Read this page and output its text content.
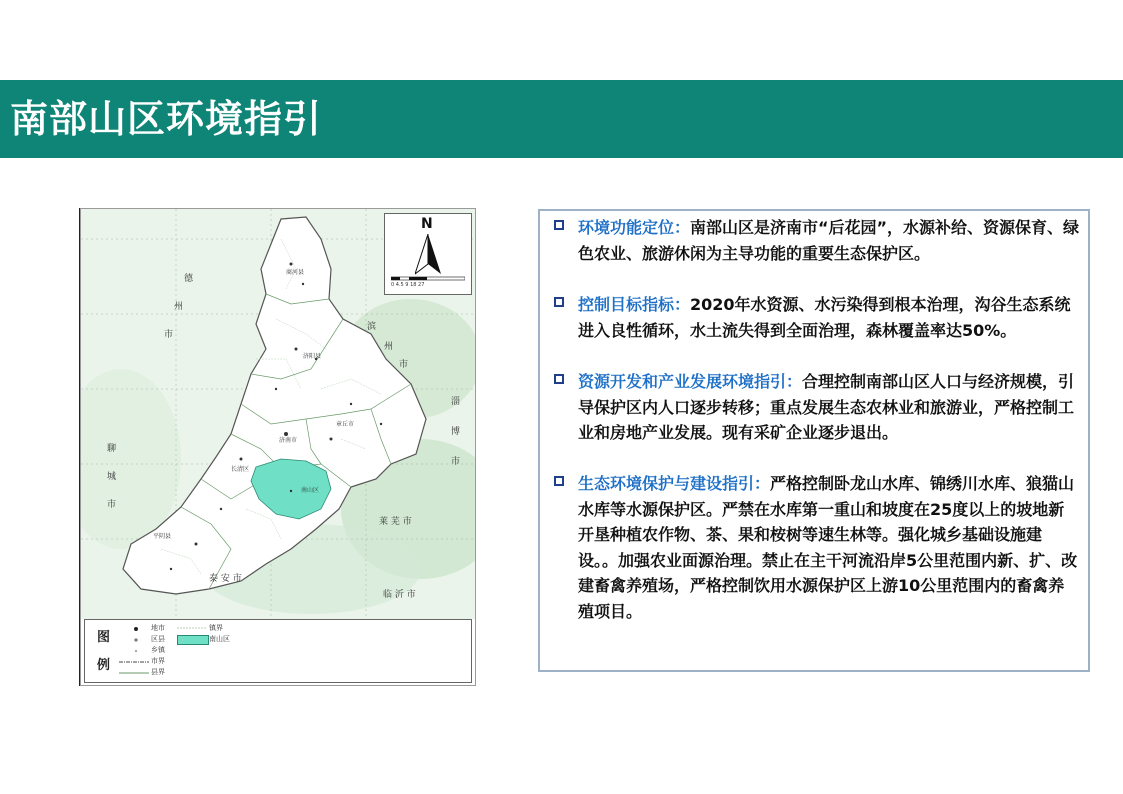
南部山区环境指引
德
州
市
滨
州
市
淄
博
市
聊
城
市
莱 芜 市
泰 安 市
临 沂 市
商河县
济阳县
章丘市
济南市
长清区
平阴县
南山区
N
0 4.5 9 18 27
图
例
地市
区县
乡镇
市界
县界
镇界
南山区
环境功能定位：南部山区是济南市“后花园”，水源补给、资源保育、绿色农业、旅游休闲为主导功能的重要生态保护区。
控制目标指标：2020年水资源、水污染得到根本治理，沟谷生态系统进入良性循环，水土流失得到全面治理，森林覆盖率达50%。
资源开发和产业发展环境指引：合理控制南部山区人口与经济规模，引导保护区内人口逐步转移；重点发展生态农林业和旅游业，严格控制工业和房地产业发展。现有采矿企业逐步退出。
生态环境保护与建设指引：严格控制卧龙山水库、锦绣川水库、狼猫山水库等水源保护区。严禁在水库第一重山和坡度在25度以上的坡地新开垦种植农作物、茶、果和桉树等速生林等。强化城乡基础设施建设。。加强农业面源治理。禁止在主干河流沿岸5公里范围内新、扩、改建畜禽养殖场，严格控制饮用水源保护区上游10公里范围内的畜禽养殖项目。
